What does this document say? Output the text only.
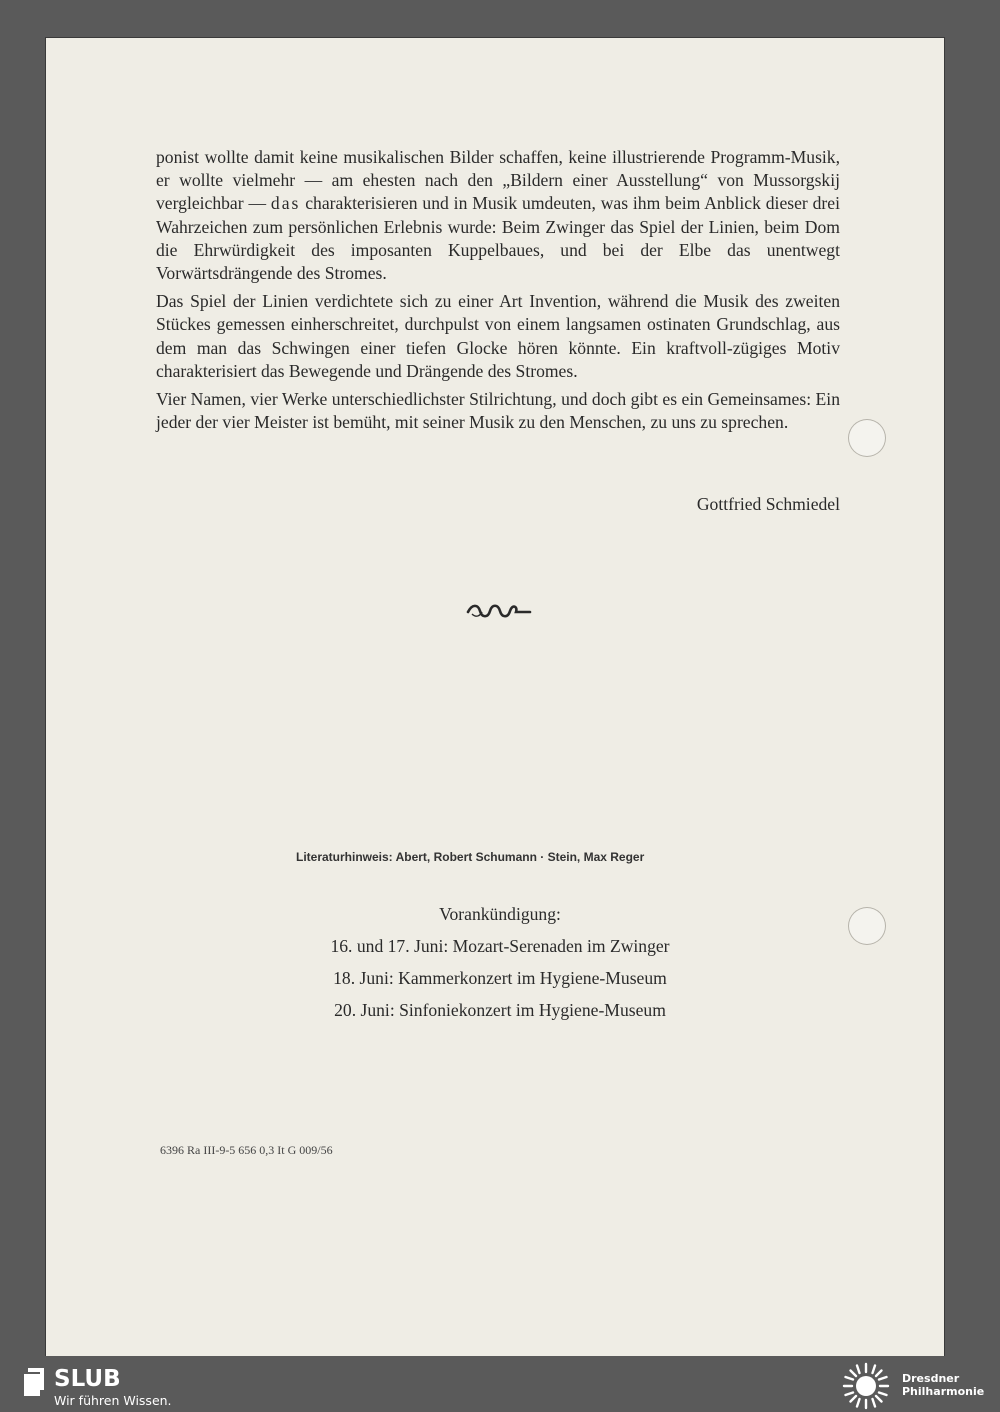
ponist wollte damit keine musikalischen Bilder schaffen, keine illustrierende Programm-Musik, er wollte vielmehr — am ehesten nach den „Bildern einer Ausstellung“ von Mussorgskij vergleichbar — das charakterisieren und in Musik umdeuten, was ihm beim Anblick dieser drei Wahrzeichen zum persönlichen Erlebnis wurde: Beim Zwinger das Spiel der Linien, beim Dom die Ehrwürdigkeit des imposanten Kuppelbaues, und bei der Elbe das unentwegt Vorwärtsdrängende des Stromes.

Das Spiel der Linien verdichtete sich zu einer Art Invention, während die Musik des zweiten Stückes gemessen einherschreitet, durchpulst von einem langsamen ostinaten Grundschlag, aus dem man das Schwingen einer tiefen Glocke hören könnte. Ein kraftvoll-zügiges Motiv charakterisiert das Bewegende und Drängende des Stromes.

Vier Namen, vier Werke unterschiedlichster Stilrichtung, und doch gibt es ein Gemeinsames: Ein jeder der vier Meister ist bemüht, mit seiner Musik zu den Menschen, zu uns zu sprechen.

Gottfried Schmiedel
Literaturhinweis: Abert, Robert Schumann · Stein, Max Reger
Vorankündigung:
16. und 17. Juni: Mozart-Serenaden im Zwinger
18. Juni: Kammerkonzert im Hygiene-Museum
20. Juni: Sinfoniekonzert im Hygiene-Museum
6396 Ra III-9-5 656 0,3 It G 009/56
SLUB
Wir führen Wissen.
Dresdner
Philharmonie
